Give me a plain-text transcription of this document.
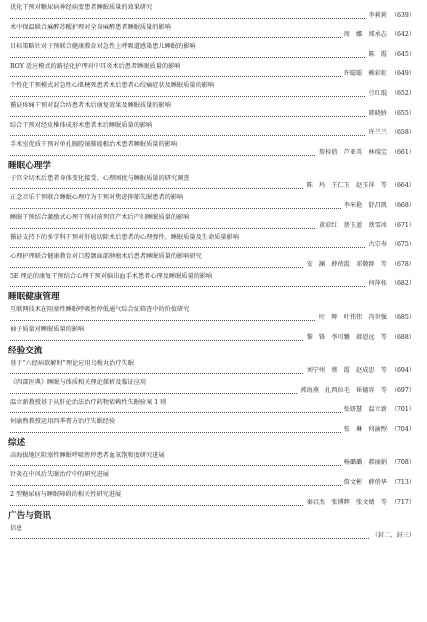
优化干预对糖尿病神经病变患者睡眠质量的效果研究
李莉莉 （639）
术中保温联合麻醉苏醒护理对全身麻醉患者睡眠质量的影响
周　娜　郑承志 （642）
目标策略针对于预联合健康教育对急性上呼吸道感染患儿睡眠的影响
陈　霞 （645）
ROY 适应模式的路径化护理对中耳炎术后患者睡眠质量的影响
许聪聪　赖彩虹 （649）
个性化干预模式对急性心肌梗死患者术后患者心绞痛症状及睡眠质量的影响
豆红琨 （652）
循证疼痛干预对混合痔患者术后康复效果及睡眠质量的影响
韩晓娇 （655）
综合干预对经皮椎体成形术患者术后睡眠质量的影响
许兰兰 （658）
手术室优质干预对单孔胸腔镜肺癌根治术患者睡眠质量的影响
詹桂倩　芦亚英　林瑞宝 （661）
睡眠心理学
子宫全切术后患者身体变化接受、心理困扰与睡眠质量的研究调查
陈　玛　王仁玉　赵玉萍　等 （664）
正念音乐干预联合睡眠心理疗为干预对焦虑抑郁失眠患者的影响
李米艳　舒昌凯 （668）
睡眠干预结合激励式心理干预对前列宫产术后产妇睡眠质量的影响
黄彩红　蔡玉蓝　蔡雪冰 （671）
循证支持下的多学科干预对肝癌切除术后患者的心理弹性、睡眠质量及生命质量影响
古宗寿 （675）
心理护理联合健康教育对口腔颌面部肿瘤术后患者睡眠质量的影响研究
安　澜　薛蓓霞　邓敬群　等 （678）
5E 理论的康复干预结合心理干预对脑出血手术患者心理及睡眠质量的影响
何萍桂 （682）
睡眠健康管理
互联网技术在阻塞性睡眠呼吸暂停低通气综合征筛查中的价值研究
叶　辉　叶伟伟　冯世强 （685）
袖子质量对睡眠质量的影响
黎　锋　李可馨　郝恩远　等 （688）
经验交流
基于“六经病欲解时”理论应用乌梅丸治疗失眠
刘宁州　蔡　霞　赵成思　等 （694）
《四部医典》睡眠与体质相关理论探析及临证应用
郭海燕　扎西拉毛　崔德容　等 （697）
温立新教授基于从肝论治法治疗药物依赖性失眠验案 1 则
张妍慧　温立新 （701）
何渝煦教授运用四季膏方治疗失眠经验
张　琳　何渝煦 （704）
综述
高海拔地区阻塞性睡眠呼吸暂停患者血氧饱和度研究进展
杨璐璐　郝丽娟 （708）
针灸在中风后失眠治疗中的研究进展
詹文彬　薛俏华 （713）
2 型糖尿病与睡眠障碍的相关性研究进展
秦启杰　张博辉　张文婧　等 （717）
广告与资讯
信息
（封二、封三）
